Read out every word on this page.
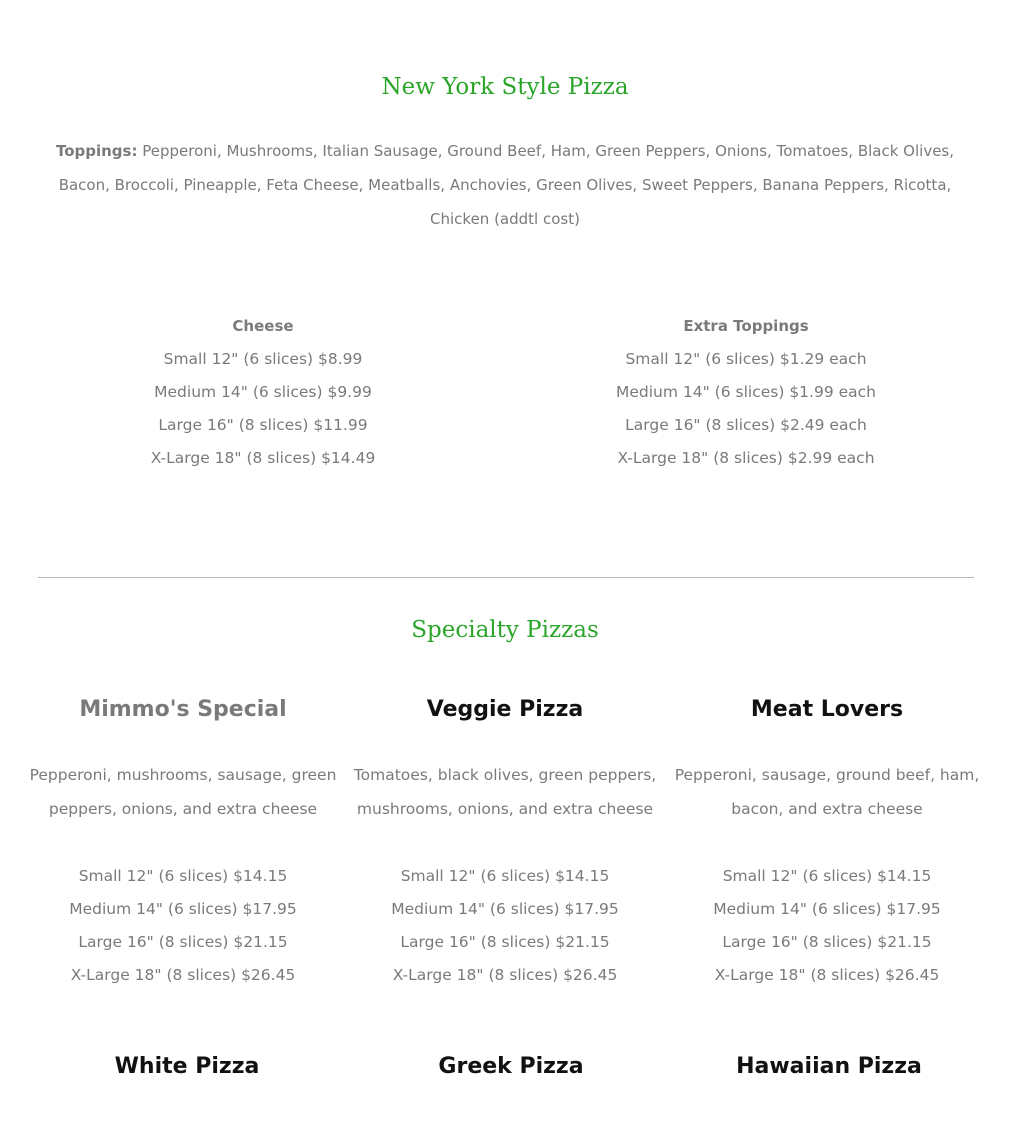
New York Style Pizza
Toppings: Pepperoni, Mushrooms, Italian Sausage, Ground Beef, Ham, Green Peppers, Onions, Tomatoes, Black Olives, Bacon, Broccoli, Pineapple, Feta Cheese, Meatballs, Anchovies, Green Olives, Sweet Peppers, Banana Peppers, Ricotta, Chicken (addtl cost)
Cheese
Small 12" (6 slices) $8.99
Medium 14" (6 slices) $9.99
Large 16" (8 slices) $11.99
X-Large 18" (8 slices) $14.49
Extra Toppings
Small 12" (6 slices) $1.29 each
Medium 14" (6 slices) $1.99 each
Large 16" (8 slices) $2.49 each
X-Large 18" (8 slices) $2.99 each
Specialty Pizzas
Mimmo's Special
Pepperoni, mushrooms, sausage, green peppers, onions, and extra cheese
Small 12" (6 slices) $14.15
Medium 14" (6 slices) $17.95
Large 16" (8 slices) $21.15
X-Large 18" (8 slices) $26.45
Veggie Pizza
Tomatoes, black olives, green peppers, mushrooms, onions, and extra cheese
Small 12" (6 slices) $14.15
Medium 14" (6 slices) $17.95
Large 16" (8 slices) $21.15
X-Large 18" (8 slices) $26.45
Meat Lovers
Pepperoni, sausage, ground beef, ham, bacon, and extra cheese
Small 12" (6 slices) $14.15
Medium 14" (6 slices) $17.95
Large 16" (8 slices) $21.15
X-Large 18" (8 slices) $26.45
White Pizza	Greek Pizza	Hawaiian Pizza
